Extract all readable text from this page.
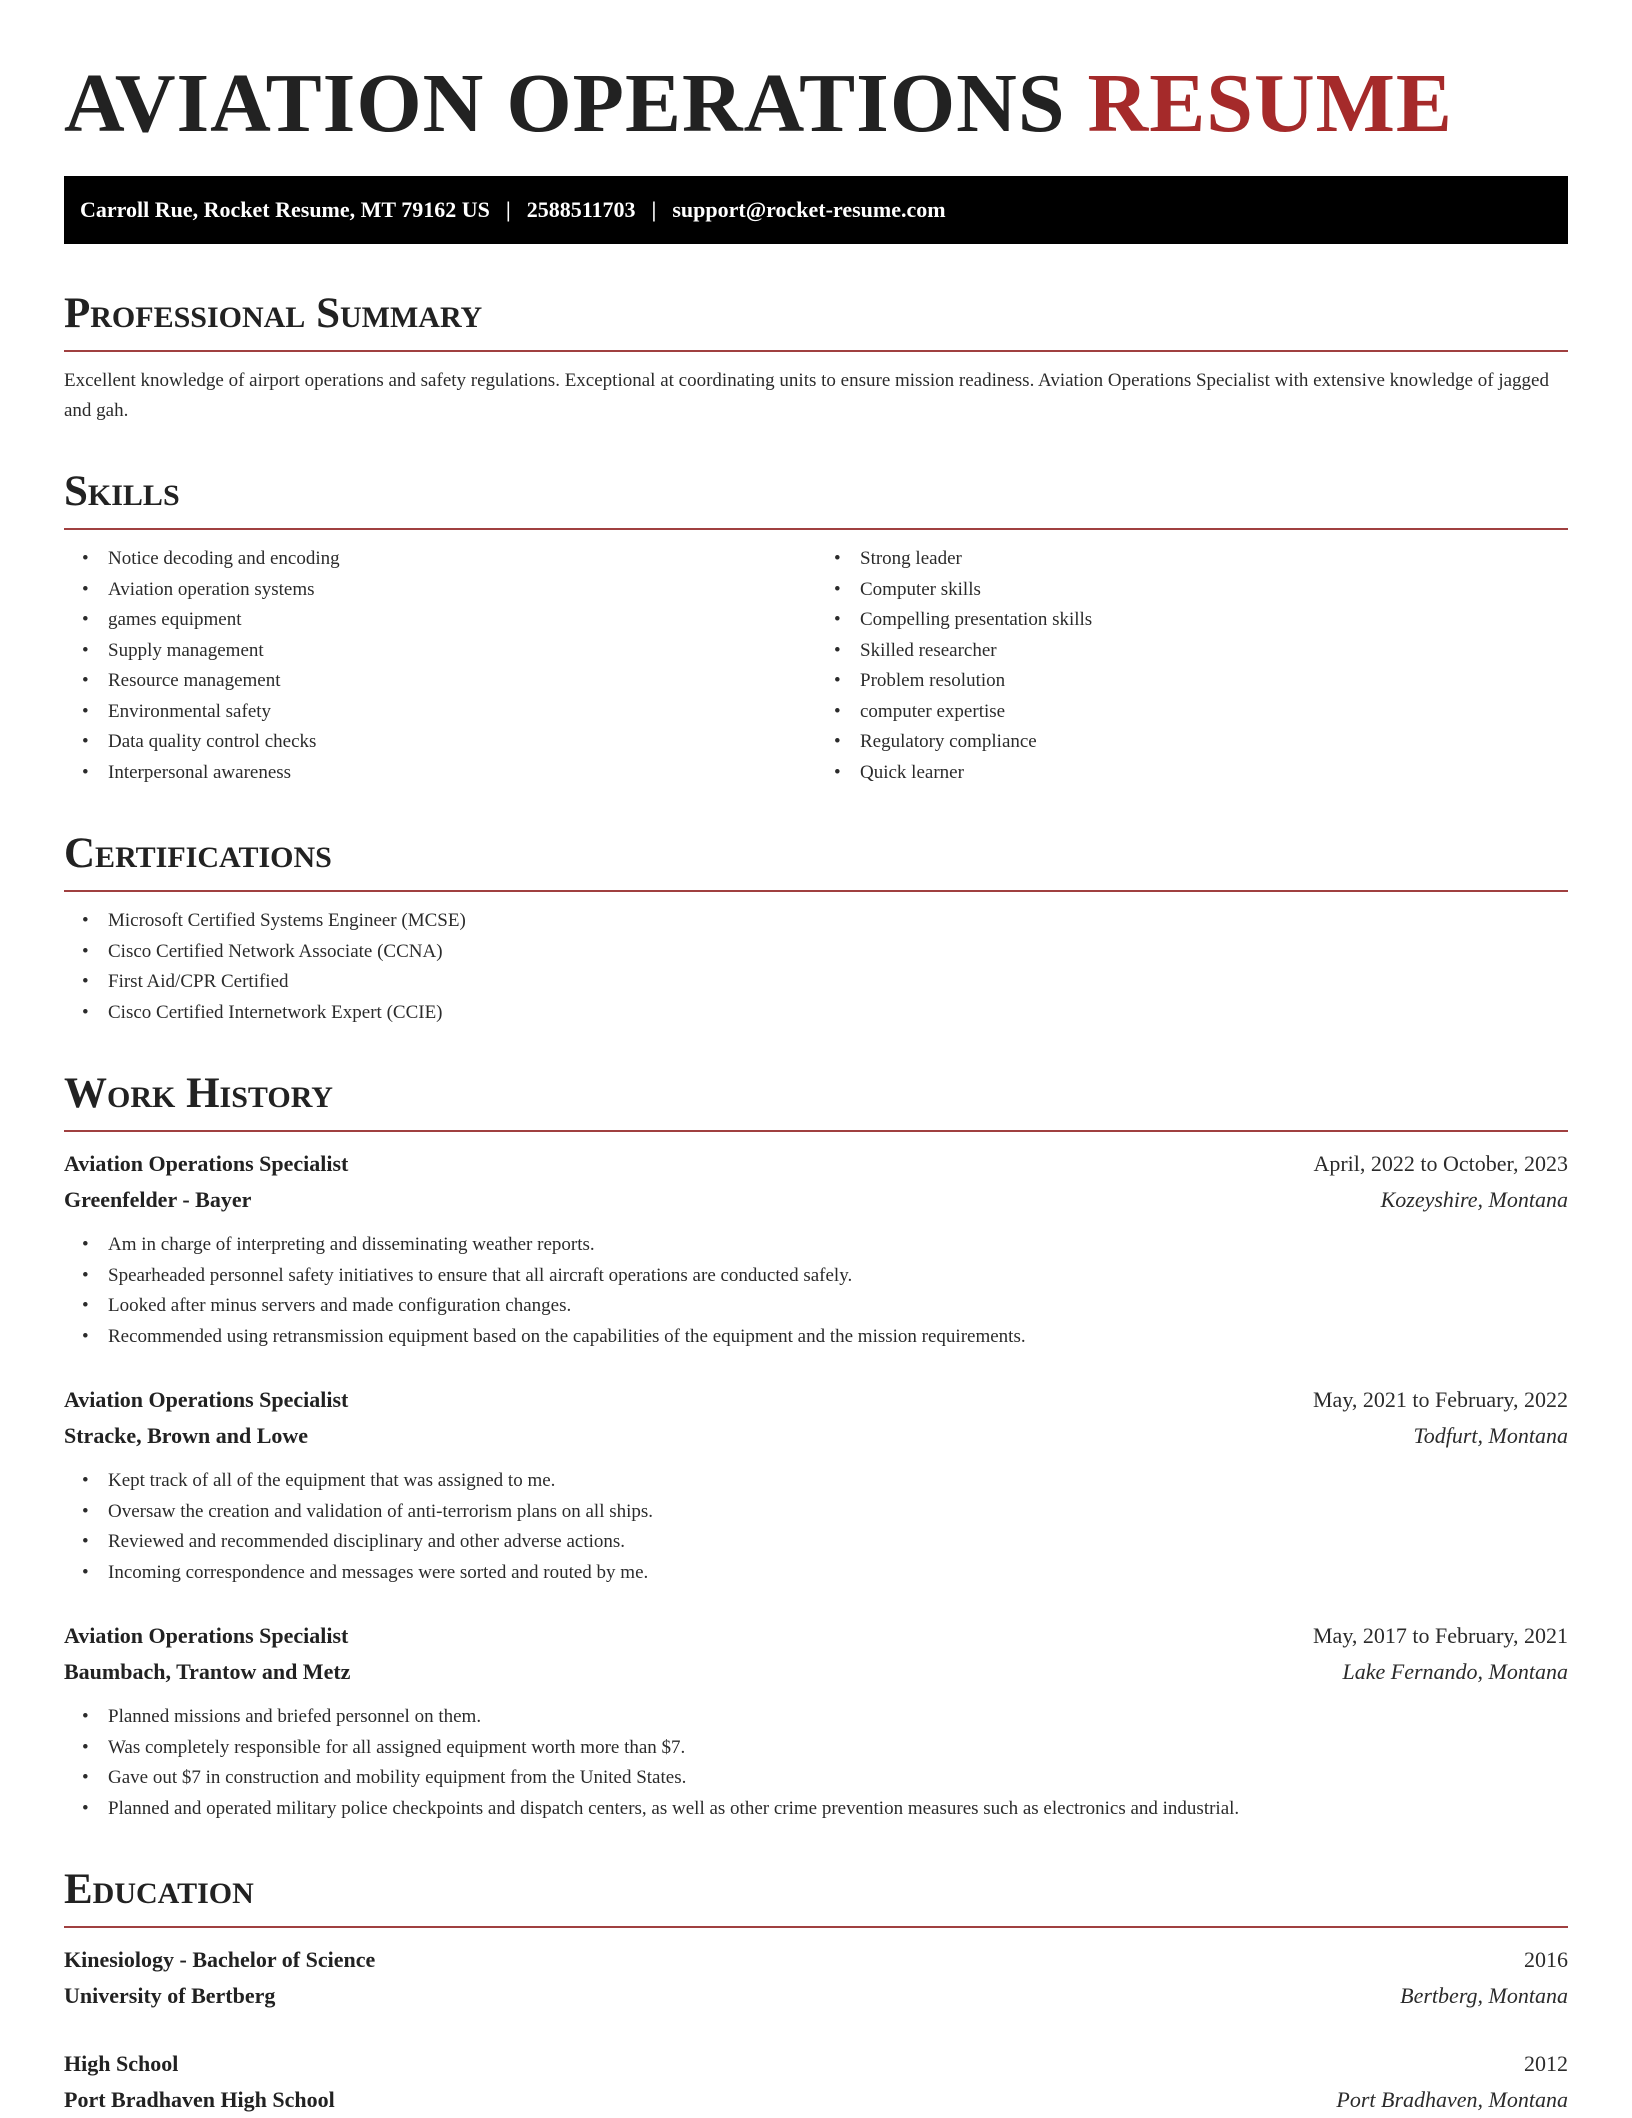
AVIATION OPERATIONS RESUME
Carroll Rue, Rocket Resume, MT 79162 US | 2588511703 | support@rocket-resume.com
Professional Summary

Excellent knowledge of airport operations and safety regulations. Exceptional at coordinating units to ensure mission readiness. Aviation Operations Specialist with extensive knowledge of jagged and gah.

Skills
• Notice decoding and encoding
• Aviation operation systems
• games equipment
• Supply management
• Resource management
• Environmental safety
• Data quality control checks
• Interpersonal awareness
• Strong leader
• Computer skills
• Compelling presentation skills
• Skilled researcher
• Problem resolution
• computer expertise
• Regulatory compliance
• Quick learner
Certifications
• Microsoft Certified Systems Engineer (MCSE)
• Cisco Certified Network Associate (CCNA)
• First Aid/CPR Certified
• Cisco Certified Internetwork Expert (CCIE)
Work History
Aviation Operations Specialist	April, 2022 to October, 2023
Greenfelder - Bayer	Kozeyshire, Montana
• Am in charge of interpreting and disseminating weather reports.
• Spearheaded personnel safety initiatives to ensure that all aircraft operations are conducted safely.
• Looked after minus servers and made configuration changes.
• Recommended using retransmission equipment based on the capabilities of the equipment and the mission requirements.
Aviation Operations Specialist	May, 2021 to February, 2022
Stracke, Brown and Lowe	Todfurt, Montana
• Kept track of all of the equipment that was assigned to me.
• Oversaw the creation and validation of anti-terrorism plans on all ships.
• Reviewed and recommended disciplinary and other adverse actions.
• Incoming correspondence and messages were sorted and routed by me.
Aviation Operations Specialist	May, 2017 to February, 2021
Baumbach, Trantow and Metz	Lake Fernando, Montana
• Planned missions and briefed personnel on them.
• Was completely responsible for all assigned equipment worth more than $7.
• Gave out $7 in construction and mobility equipment from the United States.
• Planned and operated military police checkpoints and dispatch centers, as well as other crime prevention measures such as electronics and industrial.
Education
Kinesiology - Bachelor of Science	2016
University of Bertberg	Bertberg, Montana
High School	2012
Port Bradhaven High School	Port Bradhaven, Montana
